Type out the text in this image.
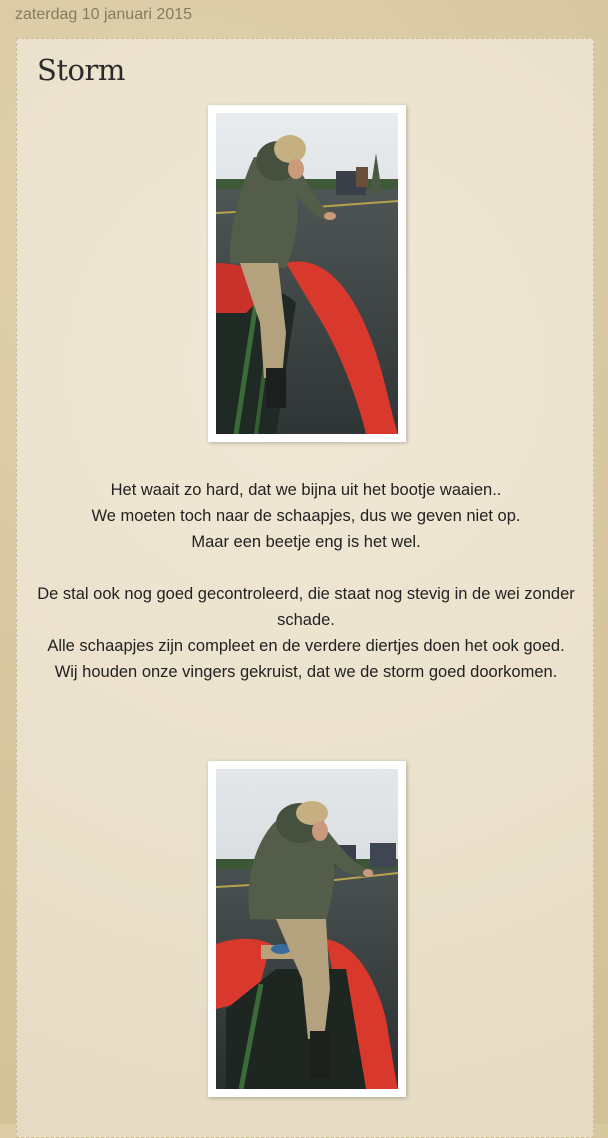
zaterdag 10 januari 2015
Storm

Het waait zo hard, dat we bijna uit het bootje waaien..

We moeten toch naar de schaapjes, dus we geven niet op.

Maar een beetje eng is het wel.

De stal ook nog goed gecontroleerd, die staat nog stevig in de wei zonder schade.

Alle schaapjes zijn compleet en de verdere diertjes doen het ook goed.

Wij houden onze vingers gekruist, dat we de storm goed doorkomen.
